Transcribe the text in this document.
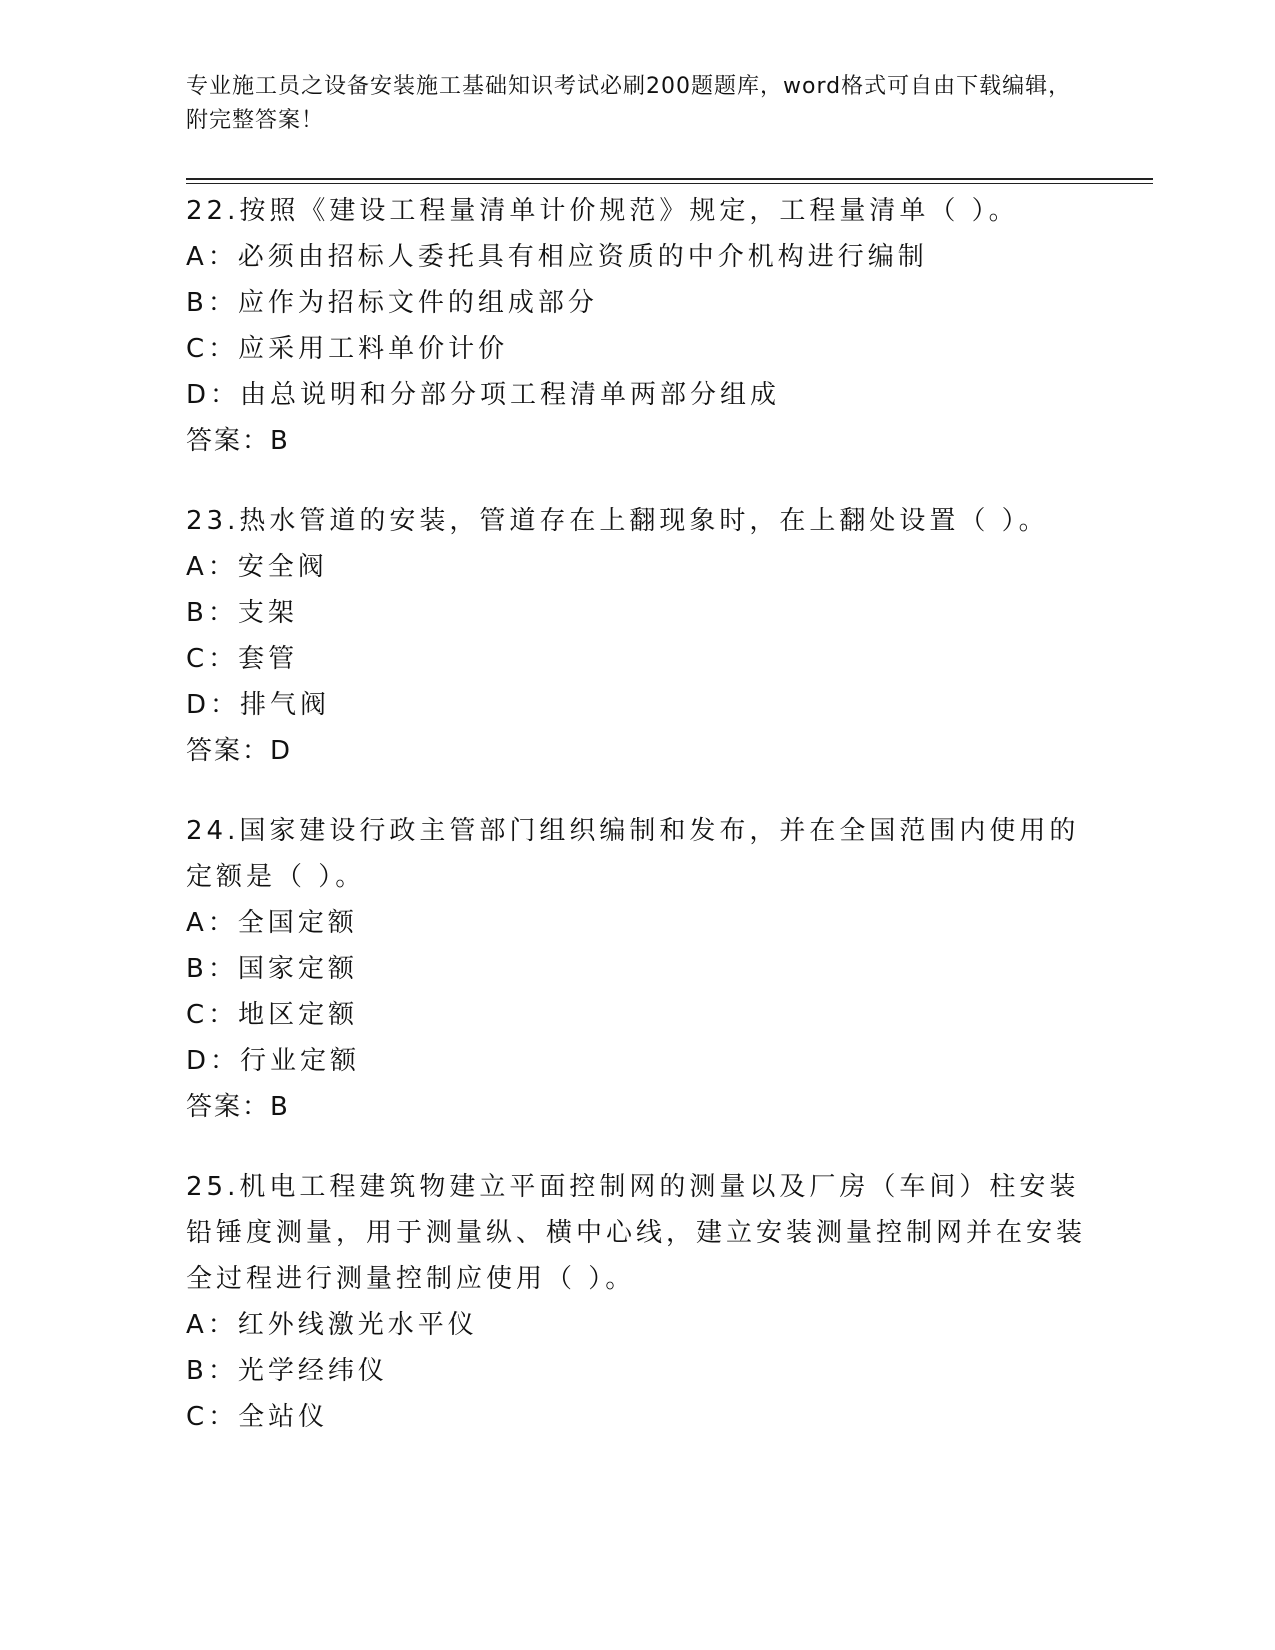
专业施工员之设备安装施工基础知识考试必刷200题题库，word格式可自由下载编辑，附完整答案！

22.按照《建设工程量清单计价规范》规定，工程量清单（ ）。

A：必须由招标人委托具有相应资质的中介机构进行编制

B：应作为招标文件的组成部分

C：应采用工料单价计价

D：由总说明和分部分项工程清单两部分组成

答案：B

23.热水管道的安装，管道存在上翻现象时，在上翻处设置（ ）。

A：安全阀

B：支架

C：套管

D：排气阀

答案：D

24.国家建设行政主管部门组织编制和发布，并在全国范围内使用的定额是（ ）。

A：全国定额

B：国家定额

C：地区定额

D：行业定额

答案：B

25.机电工程建筑物建立平面控制网的测量以及厂房（车间）柱安装铅锤度测量，用于测量纵、横中心线，建立安装测量控制网并在安装全过程进行测量控制应使用（ ）。

A：红外线激光水平仪

B：光学经纬仪

C：全站仪
